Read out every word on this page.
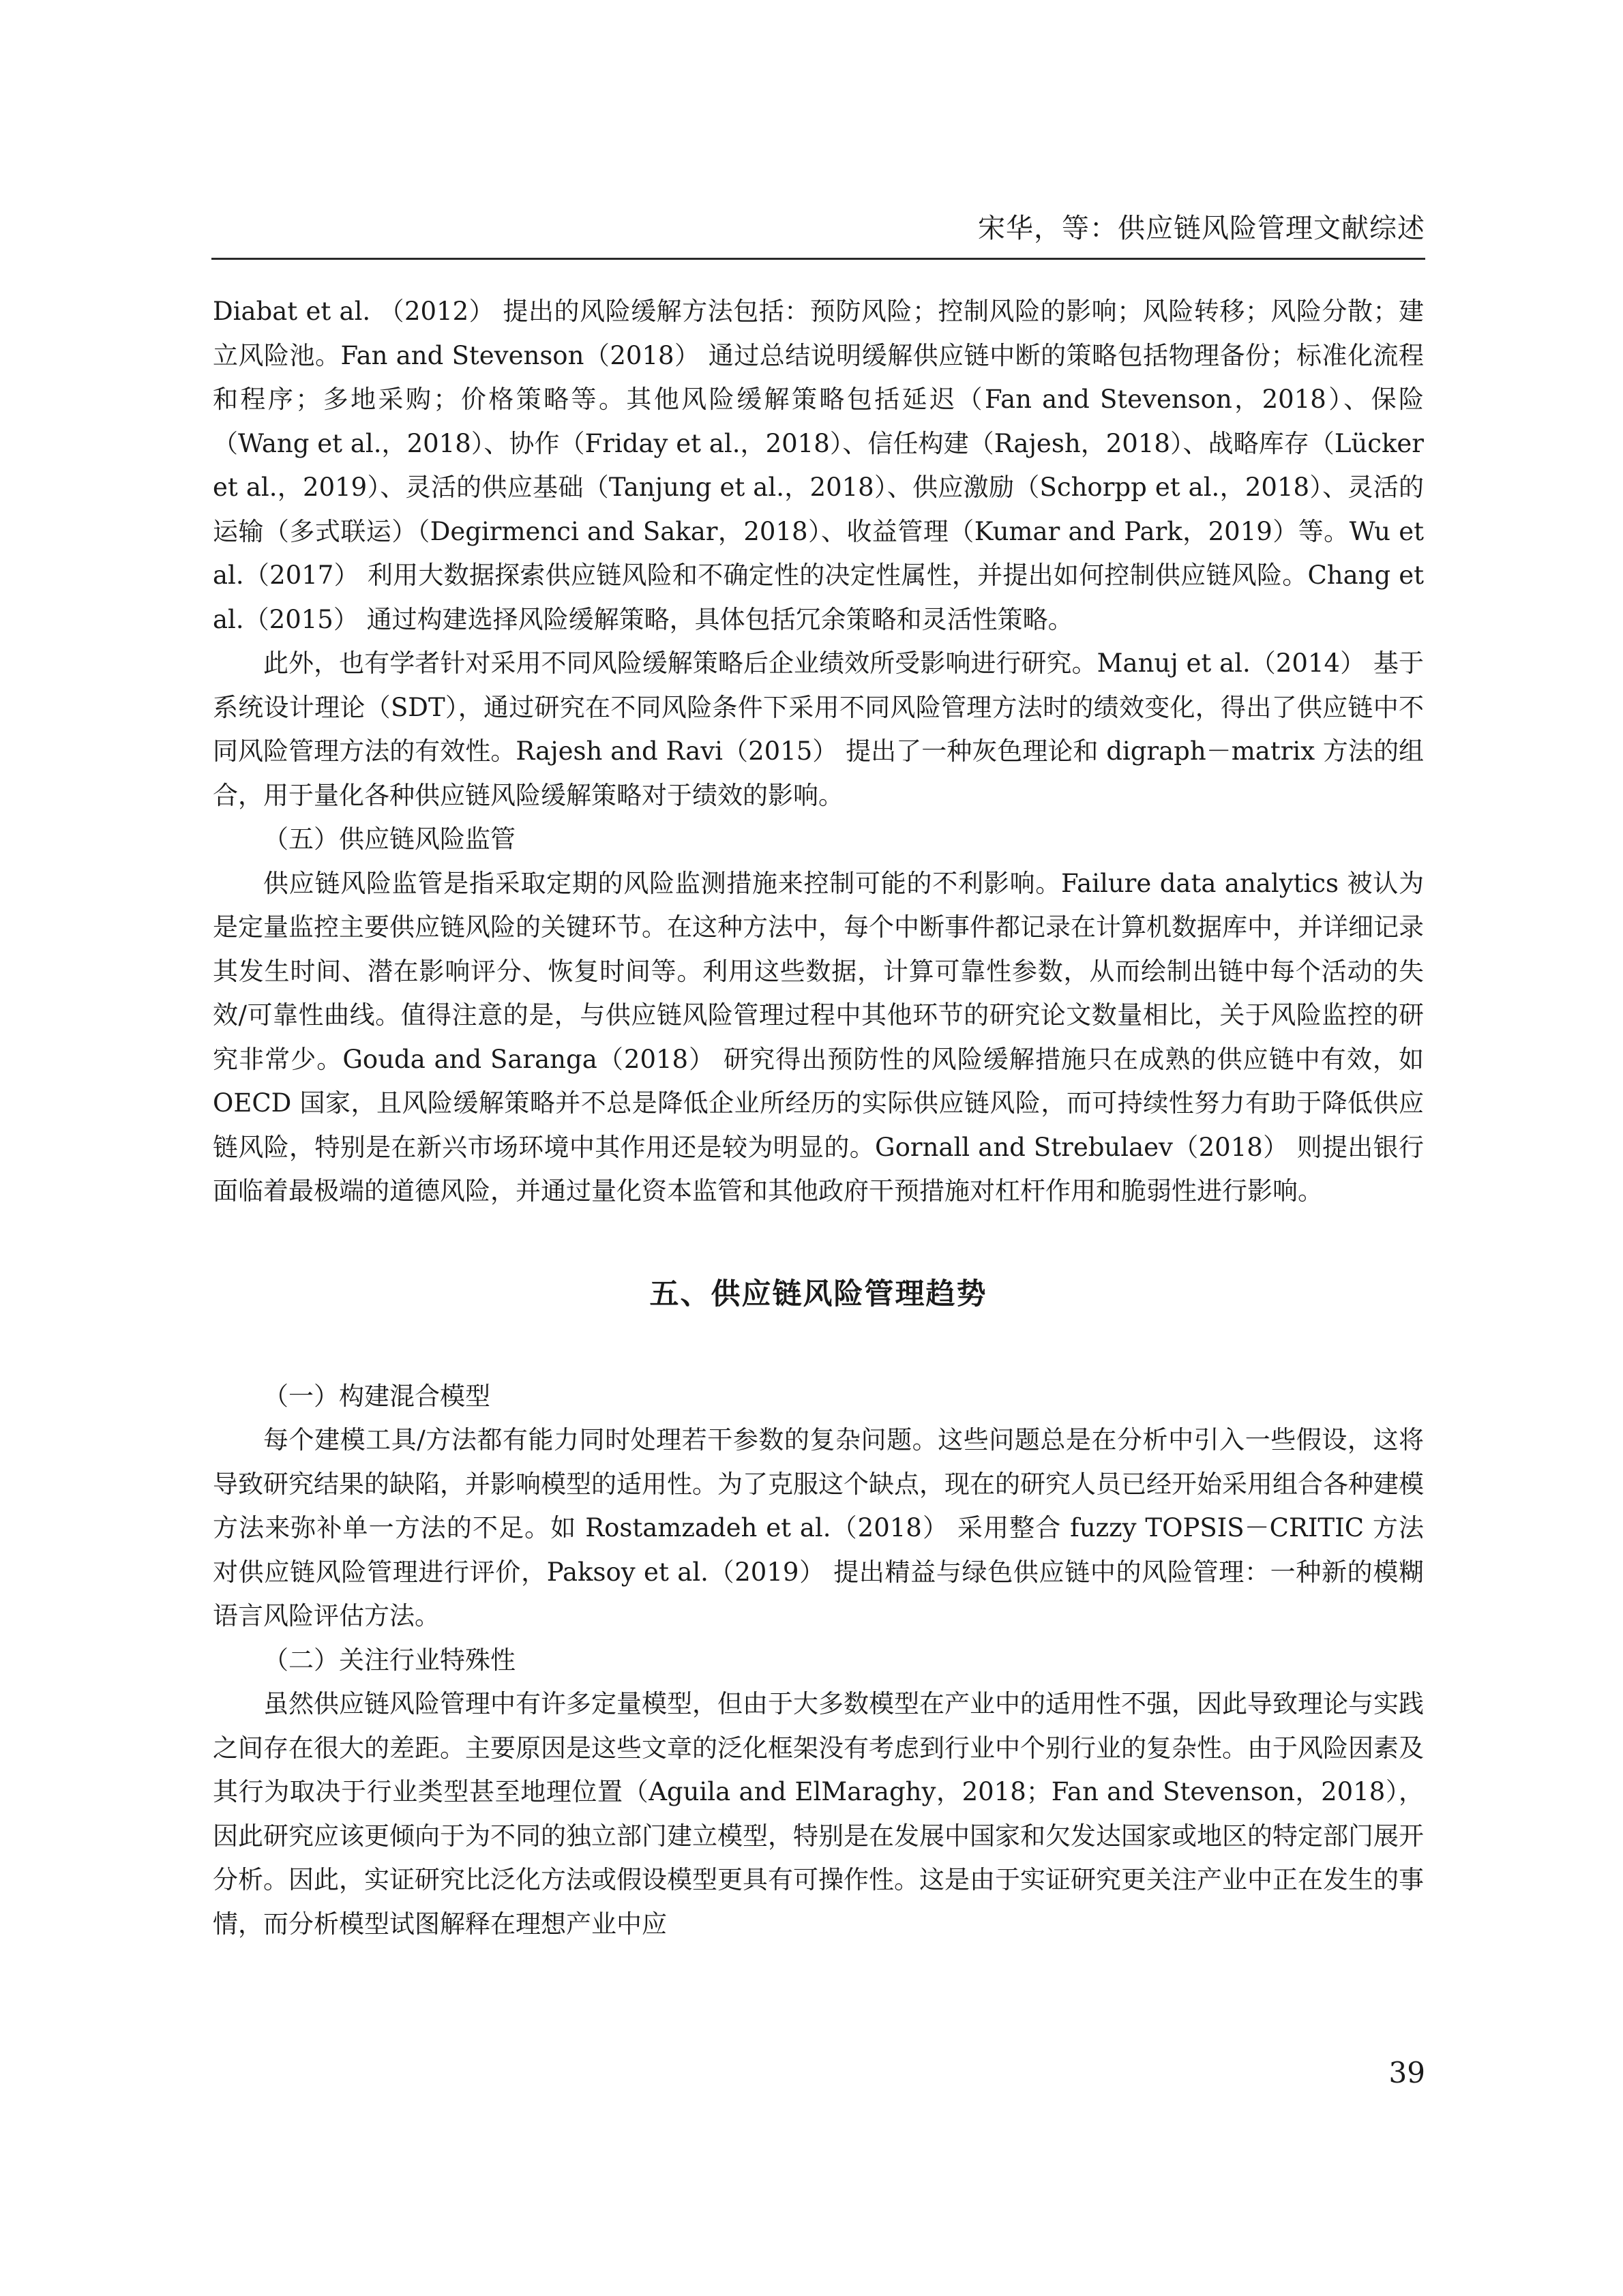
宋华，等：供应链风险管理文献综述

Diabat et al. （2012） 提出的风险缓解方法包括：预防风险；控制风险的影响；风险转移；风险分散；建立风险池。Fan and Stevenson（2018） 通过总结说明缓解供应链中断的策略包括物理备份；标准化流程和程序；多地采购；价格策略等。其他风险缓解策略包括延迟（Fan and Stevenson，2018）、保险（Wang et al.，2018）、协作（Friday et al.，2018）、信任构建（Rajesh，2018）、战略库存（Lücker et al.，2019）、灵活的供应基础（Tanjung et al.，2018）、供应激励（Schorpp et al.，2018）、灵活的运输（多式联运）（Degirmenci and Sakar，2018）、收益管理（Kumar and Park，2019）等。Wu et al.（2017） 利用大数据探索供应链风险和不确定性的决定性属性，并提出如何控制供应链风险。Chang et al.（2015） 通过构建选择风险缓解策略，具体包括冗余策略和灵活性策略。

此外，也有学者针对采用不同风险缓解策略后企业绩效所受影响进行研究。Manuj et al.（2014） 基于系统设计理论（SDT），通过研究在不同风险条件下采用不同风险管理方法时的绩效变化，得出了供应链中不同风险管理方法的有效性。Rajesh and Ravi（2015） 提出了一种灰色理论和 digraph－matrix 方法的组合，用于量化各种供应链风险缓解策略对于绩效的影响。

（五）供应链风险监管

供应链风险监管是指采取定期的风险监测措施来控制可能的不利影响。Failure data analytics 被认为是定量监控主要供应链风险的关键环节。在这种方法中，每个中断事件都记录在计算机数据库中，并详细记录其发生时间、潜在影响评分、恢复时间等。利用这些数据，计算可靠性参数，从而绘制出链中每个活动的失效/可靠性曲线。值得注意的是，与供应链风险管理过程中其他环节的研究论文数量相比，关于风险监控的研究非常少。Gouda and Saranga（2018） 研究得出预防性的风险缓解措施只在成熟的供应链中有效，如 OECD 国家，且风险缓解策略并不总是降低企业所经历的实际供应链风险，而可持续性努力有助于降低供应链风险，特别是在新兴市场环境中其作用还是较为明显的。Gornall and Strebulaev（2018） 则提出银行面临着最极端的道德风险，并通过量化资本监管和其他政府干预措施对杠杆作用和脆弱性进行影响。

五、供应链风险管理趋势

（一）构建混合模型

每个建模工具/方法都有能力同时处理若干参数的复杂问题。这些问题总是在分析中引入一些假设，这将导致研究结果的缺陷，并影响模型的适用性。为了克服这个缺点，现在的研究人员已经开始采用组合各种建模方法来弥补单一方法的不足。如 Rostamzadeh et al.（2018） 采用整合 fuzzy TOPSIS－CRITIC 方法对供应链风险管理进行评价，Paksoy et al.（2019） 提出精益与绿色供应链中的风险管理：一种新的模糊语言风险评估方法。

（二）关注行业特殊性

虽然供应链风险管理中有许多定量模型，但由于大多数模型在产业中的适用性不强，因此导致理论与实践之间存在很大的差距。主要原因是这些文章的泛化框架没有考虑到行业中个别行业的复杂性。由于风险因素及其行为取决于行业类型甚至地理位置（Aguila and ElMaraghy，2018；Fan and Stevenson，2018），因此研究应该更倾向于为不同的独立部门建立模型，特别是在发展中国家和欠发达国家或地区的特定部门展开分析。因此，实证研究比泛化方法或假设模型更具有可操作性。这是由于实证研究更关注产业中正在发生的事情，而分析模型试图解释在理想产业中应

39
